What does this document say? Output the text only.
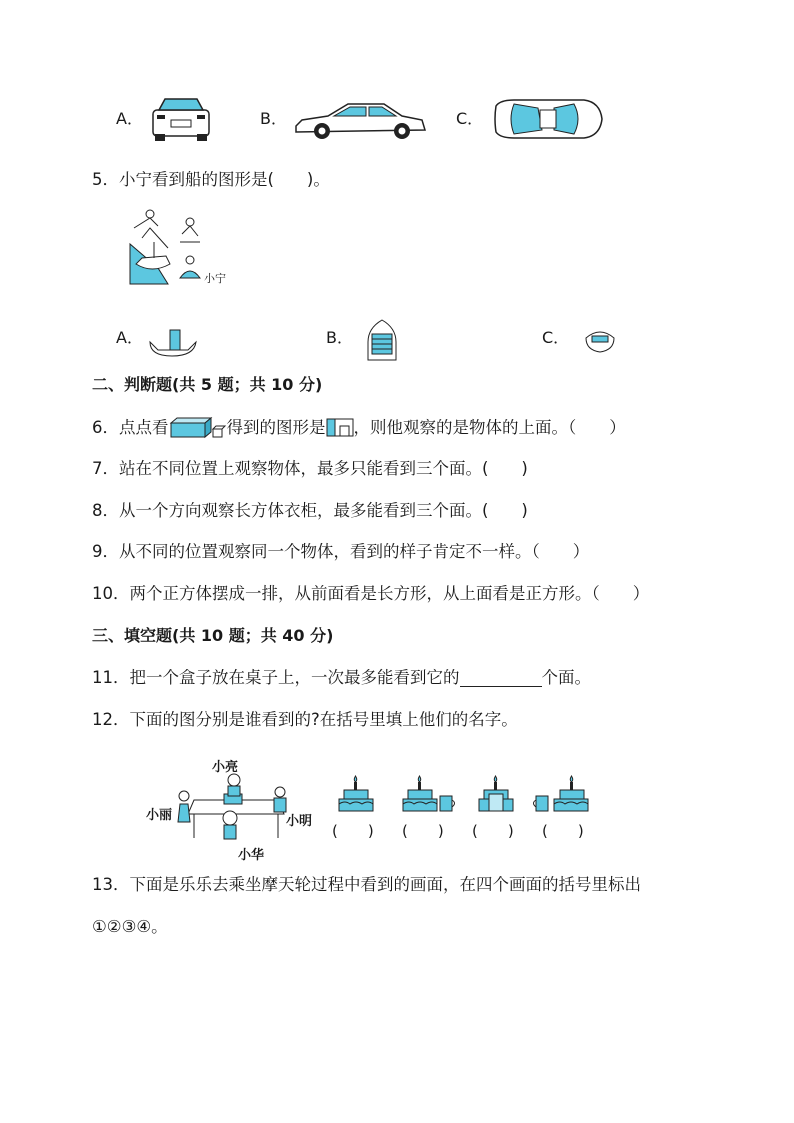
A．	B．	C．
5．小宁看到船的图形是(　　)。
小宁
A．	B．	C．
二、判断题(共 5 题；共 10 分)
6．点点看	得到的图形是 ，则他观察的是物体的上面。（　　）
7．站在不同位置上观察物体，最多只能看到三个面。(　　)
8．从一个方向观察长方体衣柜，最多能看到三个面。(　　)
9．从不同的位置观察同一个物体，看到的样子肯定不一样。（　　）
10．两个正方体摆成一排，从前面看是长方形，从上面看是正方形。（　　）
三、填空题(共 10 题；共 40 分)
11．把一个盒子放在桌子上，一次最多能看到它的	个面。
12．下面的图分别是谁看到的?在括号里填上他们的名字。
小亮
小丽	小明
小华
(　　) (　　) (　　) (　　)
13．下面是乐乐去乘坐摩天轮过程中看到的画面，在四个画面的括号里标出
①②③④。
